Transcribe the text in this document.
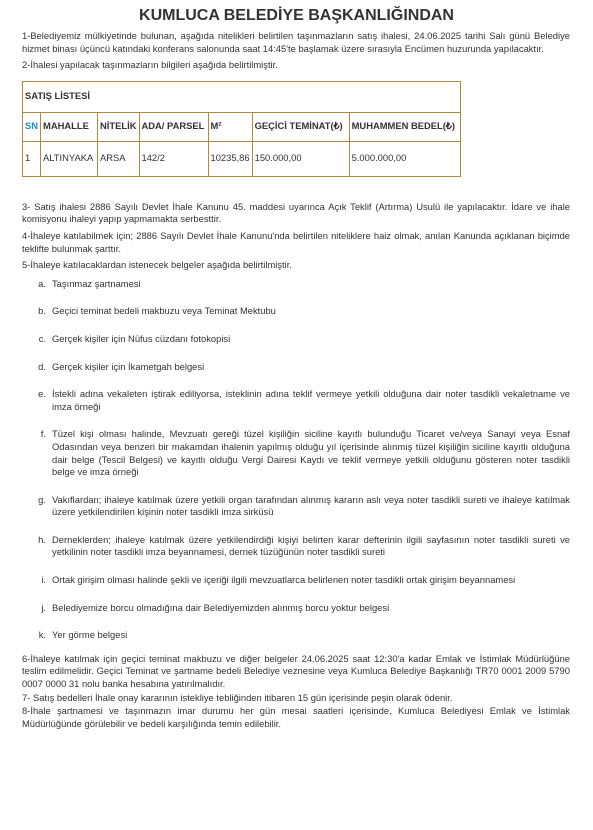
KUMLUCA BELEDİYE BAŞKANLIĞINDAN

1-Belediyemiz mülkiyetinde bulunan, aşağıda nitelikleri belirtilen taşınmazların satış ihalesi, 24.06.2025 tarihi Salı günü Belediye hizmet binası üçüncü katındaki konferans salonunda saat 14:45'te başlamak üzere sırasıyla Encümen huzurunda yapılacaktır.

2-İhalesi yapılacak taşınmazların bilgileri aşağıda belirtilmiştir.

SATIŞ LİSTESİ						
SN	MAHALLE	NİTELİK	ADA/ PARSEL	M²	GEÇİCİ TEMİNAT(₺)	MUHAMMEN BEDEL(₺)
1	ALTINYAKA	ARSA	142/2	10235,86	150.000,00	5.000.000,00

3- Satış ihalesi 2886 Sayılı Devlet İhale Kanunu 45. maddesi uyarınca Açık Teklif (Artırma) Usulü ile yapılacaktır. İdare ve ihale komisyonu ihaleyi yapıp yapmamakta serbesttir.

4-İhaleye katılabilmek için; 2886 Sayılı Devlet İhale Kanunu'nda belirtilen niteliklere haiz olmak, anılan Kanunda açıklanan biçimde teklifte bulunmak şarttır.

5-İhaleye katılacaklardan istenecek belgeler aşağıda belirtilmiştir.

a. Taşınmaz şartnamesi
b. Geçici teminat bedeli makbuzu veya Teminat Mektubu
c. Gerçek kişiler için Nüfus cüzdanı fotokopisi
d. Gerçek kişiler için İkametgah belgesi
e. İstekli adına vekaleten iştirak ediliyorsa, isteklinin adına teklif vermeye yetkili olduğuna dair noter tasdikli vekaletname ve imza örneği
f. Tüzel kişi olması halinde, Mevzuatı gereği tüzel kişiliğin siciline kayıtlı bulunduğu Ticaret ve/veya Sanayi veya Esnaf Odasından veya benzeri bir makamdan ihalenin yapılmış olduğu yıl içerisinde alınmış tüzel kişiliğin siciline kayıtlı olduğuna dair belge (Tescil Belgesi) ve kayıtlı olduğu Vergi Dairesi Kaydı ve teklif vermeye yetkili olduğunu gösteren noter tasdikli belge ve imza örneği
g. Vakıflardan; ihaleye katılmak üzere yetkili organ tarafından alınmış kararın aslı veya noter tasdikli sureti ve ihaleye katılmak üzere yetkilendirilen kişinin noter tasdikli imza sirküsü
h. Derneklerden; ihaleye katılmak üzere yetkilendirdiği kişiyi belirten karar defterinin ilgili sayfasının noter tasdikli sureti ve yetkilinin noter tasdikli imza beyannamesi, dernek tüzüğünün noter tasdikli sureti
i. Ortak girişim olması halinde şekli ve içeriği ilgili mevzuatlarca belirlenen noter tasdikli ortak girişim beyannamesi
j. Belediyemize borcu olmadığına dair Belediyemizden alınmış borcu yoktur belgesi
k. Yer görme belgesi

6-İhaleye katılmak için geçici teminat makbuzu ve diğer belgeler 24.06.2025 saat 12:30'a kadar Emlak ve İstimlak Müdürlüğüne teslim edilmelidir. Geçici Teminat ve şartname bedeli Belediye veznesine veya Kumluca Belediye Başkanlığı TR70 0001 2009 5790 0007 0000 31 nolu banka hesabına yatırılmalıdır.

7- Satış bedelleri İhale onay kararının istekliye tebliğinden itibaren 15 gün içerisinde peşin olarak ödenir.

8-İhale şartnamesi ve taşınmazın imar durumu her gün mesai saatleri içerisinde, Kumluca Belediyesi Emlak ve İstimlak Müdürlüğünde görülebilir ve bedeli karşılığında temin edilebilir.
